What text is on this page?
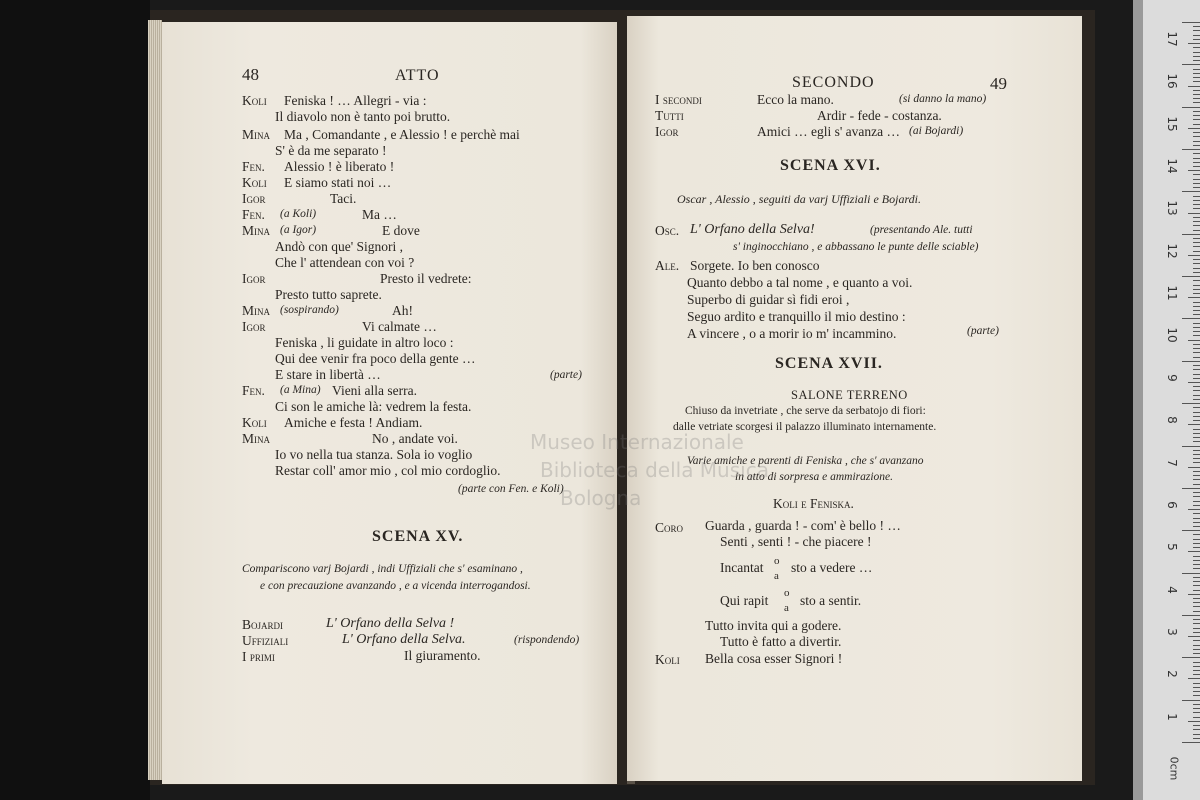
48	ATTO
Koli Feniska ! … Allegri - via :
Il diavolo non è tanto poi brutto.
Mina Ma , Comandante , e Alessio ! e perchè mai
S' è da me separato !
Fen. Alessio ! è liberato !
Koli E siamo stati noi …
Igor	Taci.
Fen. (a Koli)	Ma …
Mina (a Igor)	E dove
Andò con que' Signori ,
Che l' attendean con voi ?
Igor	Presto il vedrete:
Presto tutto saprete.
Mina (sospirando)	Ah!
Igor	Vi calmate …
Feniska , li guidate in altro loco :
Qui dee venir fra poco della gente …
E stare in libertà …	(parte)
Fen. (a Mina) Vieni alla serra.
Ci son le amiche là: vedrem la festa.
Koli Amiche e festa ! Andiam.
Mina	No , andate voi.
Io vo nella tua stanza. Sola io voglio
Restar coll' amor mio , col mio cordoglio.
(parte con Fen. e Koli)
SCENA XV.
Compariscono varj Bojardi , indi Uffiziali che s' esaminano ,
e con precauzione avanzando , e a vicenda interrogandosi.
Bojardi	L' Orfano della Selva !
Uffiziali	L' Orfano della Selva.	(rispondendo)
I primi	Il giuramento.
SECONDO	49
I secondi	Ecco la mano.	(si danno la mano)
Tutti	Ardir - fede - costanza.
Igor	Amici … egli s' avanza … (ai Bojardi)
SCENA XVI.
Oscar , Alessio , seguiti da varj Uffiziali e Bojardi.
Osc. L' Orfano della Selva!	(presentando Ale. tutti
s' inginocchiano , e abbassano le punte delle sciable)
Ale. Sorgete. Io ben conosco
Quanto debbo a tal nome , e quanto a voi.
Superbo di guidar sì fidi eroi ,
Seguo ardito e tranquillo il mio destino :
A vincere , o a morir io m' incammino.	(parte)
SCENA XVII.
SALONE TERRENO
Chiuso da invetriate , che serve da serbatojo di fiori:
dalle vetriate scorgesi il palazzo illuminato internamente.
Varie amiche e parenti di Feniska , che s' avanzano
in atto di sorpresa e ammirazione.
Koli e Feniska.
Coro Guarda , guarda ! - com' è bello ! …
Senti , senti ! - che piacere !
Incantat o
a
sto a vedere …
Qui rapit o
a sto a sentir.
Tutto invita qui a godere.
Tutto è fatto a divertir.
Koli Bella cosa esser Signori !
Museo Internazionale
Biblioteca della Musica
Bologna
17
16
15
14
13
12
11
10
9
8
7
6
5
4
3
2
1
0cm
